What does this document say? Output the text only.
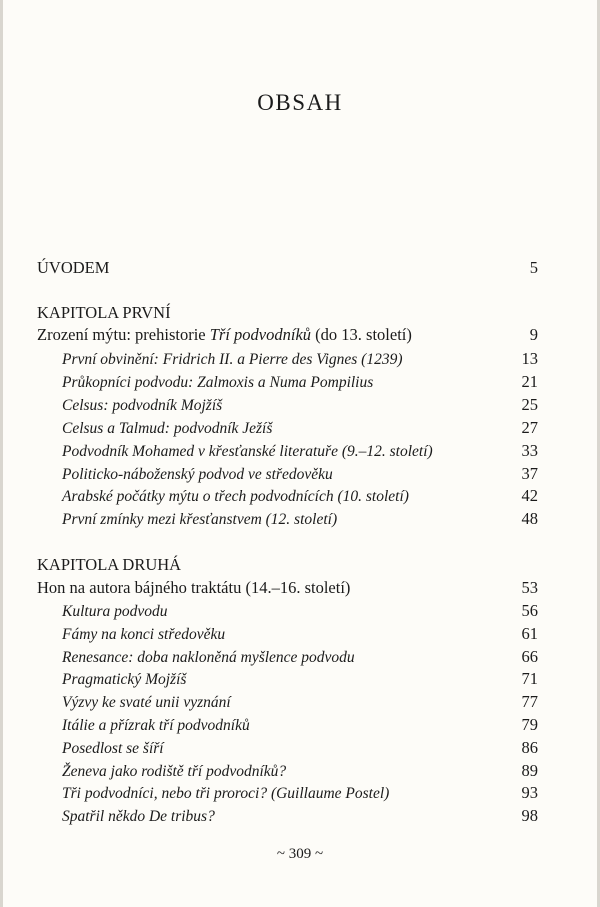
OBSAH
ÚVODEM	5
KAPITOLA PRVNÍ
Zrození mýtu: prehistorie Tří podvodníků (do 13. století)	9
První obvinění: Fridrich II. a Pierre des Vignes (1239)	13
Průkopníci podvodu: Zalmoxis a Numa Pompilius	21
Celsus: podvodník Mojžíš	25
Celsus a Talmud: podvodník Ježíš	27
Podvodník Mohamed v křesťanské literatuře (9.–12. století)	33
Politicko-náboženský podvod ve středověku	37
Arabské počátky mýtu o třech podvodnících (10. století)	42
První zmínky mezi křesťanstvem (12. století)	48
KAPITOLA DRUHÁ
Hon na autora bájného traktátu (14.–16. století)	53
Kultura podvodu	56
Fámy na konci středověku	61
Renesance: doba nakloněná myšlence podvodu	66
Pragmatický Mojžíš	71
Výzvy ke svaté unii vyznání	77
Itálie a přízrak tří podvodníků	79
Posedlost se šíří	86
Ženeva jako rodiště tří podvodníků?	89
Tři podvodníci, nebo tři proroci? (Guillaume Postel)	93
Spatřil někdo De tribus?	98
~ 309 ~
